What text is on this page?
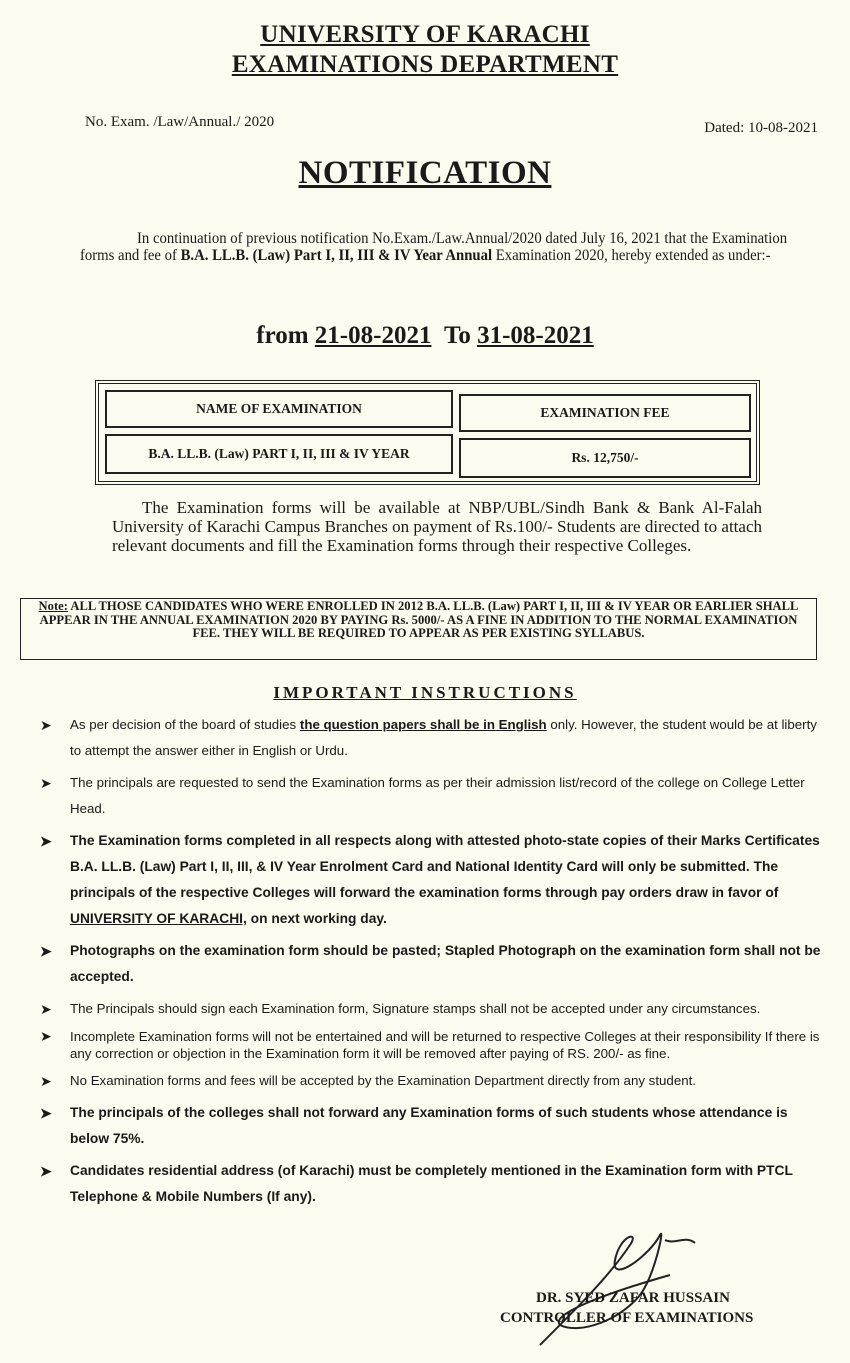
UNIVERSITY OF KARACHI
EXAMINATIONS DEPARTMENT
No. Exam. /Law/Annual./ 2020	Dated: 10-08-2021
NOTIFICATION
In continuation of previous notification No.Exam./Law.Annual/2020 dated July 16, 2021 that the Examination forms and fee of B.A. LL.B. (Law) Part I, II, III & IV Year Annual Examination 2020, hereby extended as under:-
from 21-08-2021 To 31-08-2021
NAME OF EXAMINATION	EXAMINATION FEE
B.A. LL.B. (Law) PART I, II, III & IV YEAR	Rs. 12,750/-
The Examination forms will be available at NBP/UBL/Sindh Bank & Bank Al-Falah University of Karachi Campus Branches on payment of Rs.100/- Students are directed to attach relevant documents and fill the Examination forms through their respective Colleges.
Note: ALL THOSE CANDIDATES WHO WERE ENROLLED IN 2012 B.A. LL.B. (Law) PART I, II, III & IV YEAR OR EARLIER SHALL APPEAR IN THE ANNUAL EXAMINATION 2020 BY PAYING Rs. 5000/- AS A FINE IN ADDITION TO THE NORMAL EXAMINATION FEE. THEY WILL BE REQUIRED TO APPEAR AS PER EXISTING SYLLABUS.
IMPORTANT INSTRUCTIONS
➤ As per decision of the board of studies the question papers shall be in English only. However, the student would be at liberty to attempt the answer either in English or Urdu.
➤ The principals are requested to send the Examination forms as per their admission list/record of the college on College Letter Head.
➤ The Examination forms completed in all respects along with attested photo-state copies of their Marks Certificates B.A. LL.B. (Law) Part I, II, III, & IV Year Enrolment Card and National Identity Card will only be submitted. The principals of the respective Colleges will forward the examination forms through pay orders draw in favor of UNIVERSITY OF KARACHI, on next working day.
➤ Photographs on the examination form should be pasted; Stapled Photograph on the examination form shall not be accepted.
➤ The Principals should sign each Examination form, Signature stamps shall not be accepted under any circumstances.
➤ Incomplete Examination forms will not be entertained and will be returned to respective Colleges at their responsibility If there is any correction or objection in the Examination form it will be removed after paying of RS. 200/- as fine.
➤ No Examination forms and fees will be accepted by the Examination Department directly from any student.
➤ The principals of the colleges shall not forward any Examination forms of such students whose attendance is below 75%.
➤ Candidates residential address (of Karachi) must be completely mentioned in the Examination form with PTCL Telephone & Mobile Numbers (If any).
DR. SYED ZAFAR HUSSAIN
CONTROLLER OF EXAMINATIONS
